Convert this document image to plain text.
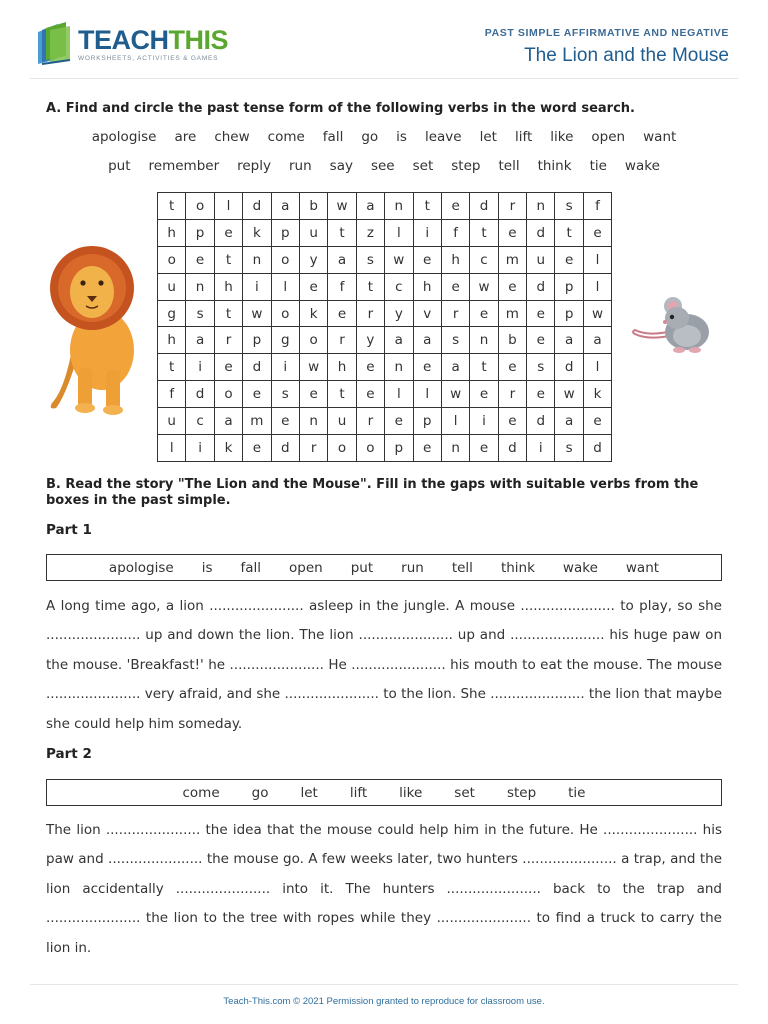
TEACHTHIS
WORKSHEETS, ACTIVITIES & GAMES
PAST SIMPLE AFFIRMATIVE AND NEGATIVE
The Lion and the Mouse
A. Find and circle the past tense form of the following verbs in the word search.
apologise are chew come fall go is leave let lift like open want
put remember reply run say see set step tell think tie wake
t	o	l	d	a	b	w	a	n	t	e	d	r	n	s	f
h	p	e	k	p	u	t	z	l	i	f	t	e	d	t	e
o	e	t	n	o	y	a	s	w	e	h	c	m	u	e	l
u	n	h	i	l	e	f	t	c	h	e	w	e	d	p	l
g	s	t	w	o	k	e	r	y	v	r	e	m	e	p	w
h	a	r	p	g	o	r	y	a	a	s	n	b	e	a	a
t	i	e	d	i	w	h	e	n	e	a	t	e	s	d	l
f	d	o	e	s	e	t	e	l	l	w	e	r	e	w	k
u	c	a	m	e	n	u	r	e	p	l	i	e	d	a	e
l	i	k	e	d	r	o	o	p	e	n	e	d	i	s	d
B. Read the story "The Lion and the Mouse". Fill in the gaps with suitable verbs from the boxes in the past simple.
Part 1
apologise is fall open put run tell think wake want
A long time ago, a lion ...................... asleep in the jungle. A mouse ...................... to play, so she ...................... up and down the lion. The lion ...................... up and ...................... his huge paw on the mouse. 'Breakfast!' he ...................... He ...................... his mouth to eat the mouse. The mouse ...................... very afraid, and she ...................... to the lion. She ...................... the lion that maybe she could help him someday.
Part 2
come go let lift like set step tie
The lion ...................... the idea that the mouse could help him in the future. He ...................... his paw and ...................... the mouse go. A few weeks later, two hunters ...................... a trap, and the lion accidentally ...................... into it. The hunters ...................... back to the trap and ...................... the lion to the tree with ropes while they ...................... to find a truck to carry the lion in.
Teach-This.com © 2021 Permission granted to reproduce for classroom use.
